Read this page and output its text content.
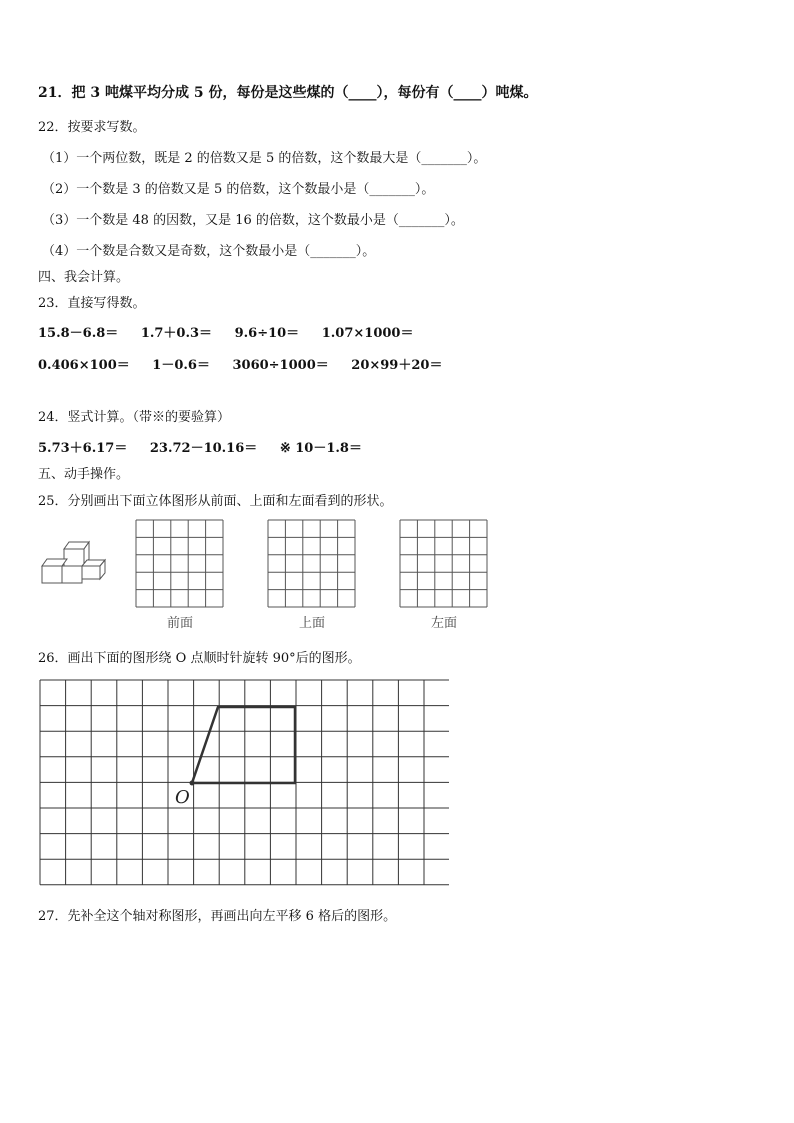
21．把 3 吨煤平均分成 5 份，每份是这些煤的（____），每份有（____）吨煤。
22．按要求写数。
（1）一个两位数，既是 2 的倍数又是 5 的倍数，这个数最大是（_______）。
（2）一个数是 3 的倍数又是 5 的倍数，这个数最小是（_______）。
（3）一个数是 48 的因数，又是 16 的倍数，这个数最小是（_______）。
（4）一个数是合数又是奇数，这个数最小是（_______）。
四、我会计算。
23．直接写得数。
15.8－6.8＝ 1.7＋0.3＝ 9.6÷10＝ 1.07×1000＝
0.406×100＝ 1－0.6＝ 3060÷1000＝ 20×99＋20＝
24．竖式计算。（带※的要验算）
5.73＋6.17＝ 23.72－10.16＝ ※ 10－1.8＝
五、动手操作。
25．分别画出下面立体图形从前面、上面和左面看到的形状。
前面	上面	左面
26．画出下面的图形绕 O 点顺时针旋转 90°后的图形。
O
27．先补全这个轴对称图形，再画出向左平移 6 格后的图形。
